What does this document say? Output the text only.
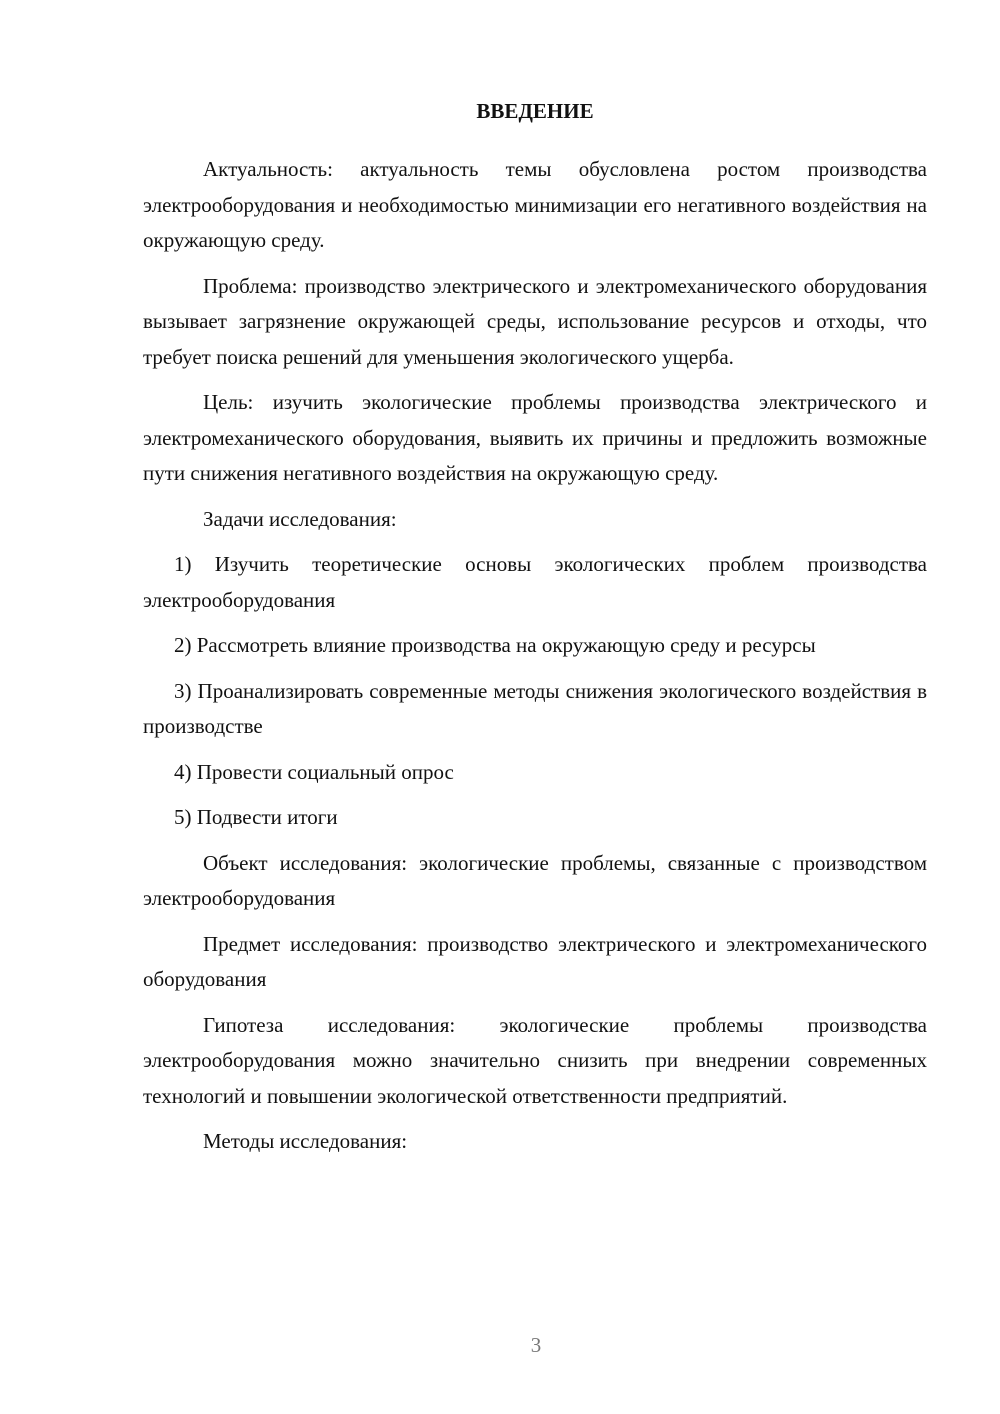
ВВЕДЕНИЕ

Актуальность: актуальность темы обусловлена ростом производства электрооборудования и необходимостью минимизации его негативного воздействия на окружающую среду.

Проблема: производство электрического и электромеханического оборудования вызывает загрязнение окружающей среды, использование ресурсов и отходы, что требует поиска решений для уменьшения экологического ущерба.

Цель: изучить экологические проблемы производства электрического и электромеханического оборудования, выявить их причины и предложить возможные пути снижения негативного воздействия на окружающую среду.

Задачи исследования:

1) Изучить теоретические основы экологических проблем производства электрооборудования

2) Рассмотреть влияние производства на окружающую среду и ресурсы

3) Проанализировать современные методы снижения экологического воздействия в производстве

4) Провести социальный опрос

5) Подвести итоги

Объект исследования: экологические проблемы, связанные с производством электрооборудования

Предмет исследования: производство электрического и электромеханического оборудования

Гипотеза исследования: экологические проблемы производства электрооборудования можно значительно снизить при внедрении современных технологий и повышении экологической ответственности предприятий.

Методы исследования:

3
